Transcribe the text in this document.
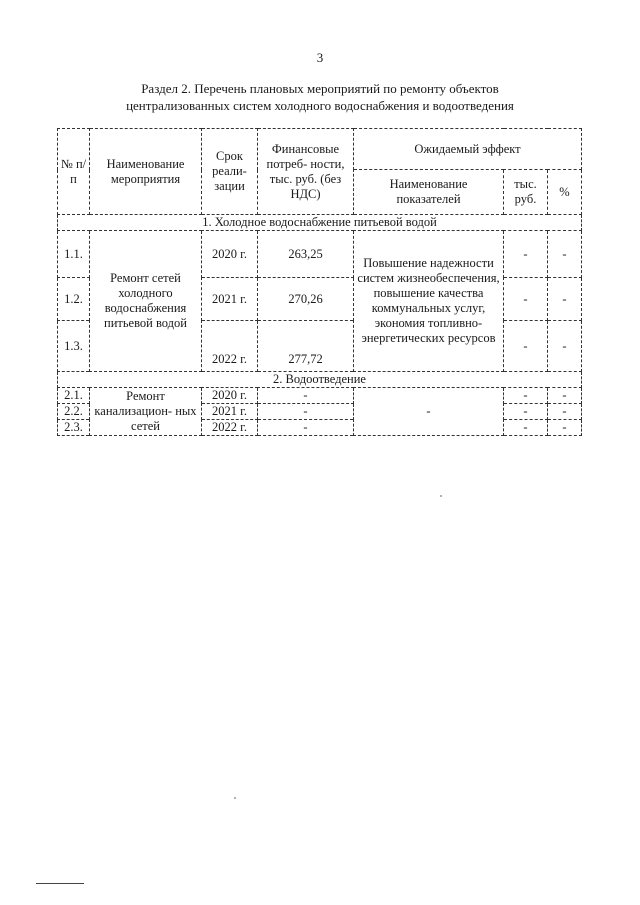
3
Раздел 2. Перечень плановых мероприятий по ремонту объектов
централизованных систем холодного водоснабжения и водоотведения
№ п/п	Наименование мероприятия	Срок реали- зации	Финансовые потреб- ности, тыс. руб. (без НДС)	Ожидаемый эффект		
				Наименование показателей	тыс. руб.	%
1. Холодное водоснабжение питьевой водой						
1.1.	Ремонт сетей холодного водоснабжения питьевой водой	2020 г.	263,25	Повышение надежности систем жизнеобеспечения, повышение качества коммунальных услуг, экономия топливно-энергетических ресурсов	-	-
1.2.		2021 г.	270,26		-	-
1.3.		2022 г.	277,72		-	-
2. Водоотведение						
2.1.	Ремонт канализацион- ных сетей	2020 г.	-	-	-	-
2.2.		2021 г.	-		-	-
2.3.		2022 г.	-		-	-
